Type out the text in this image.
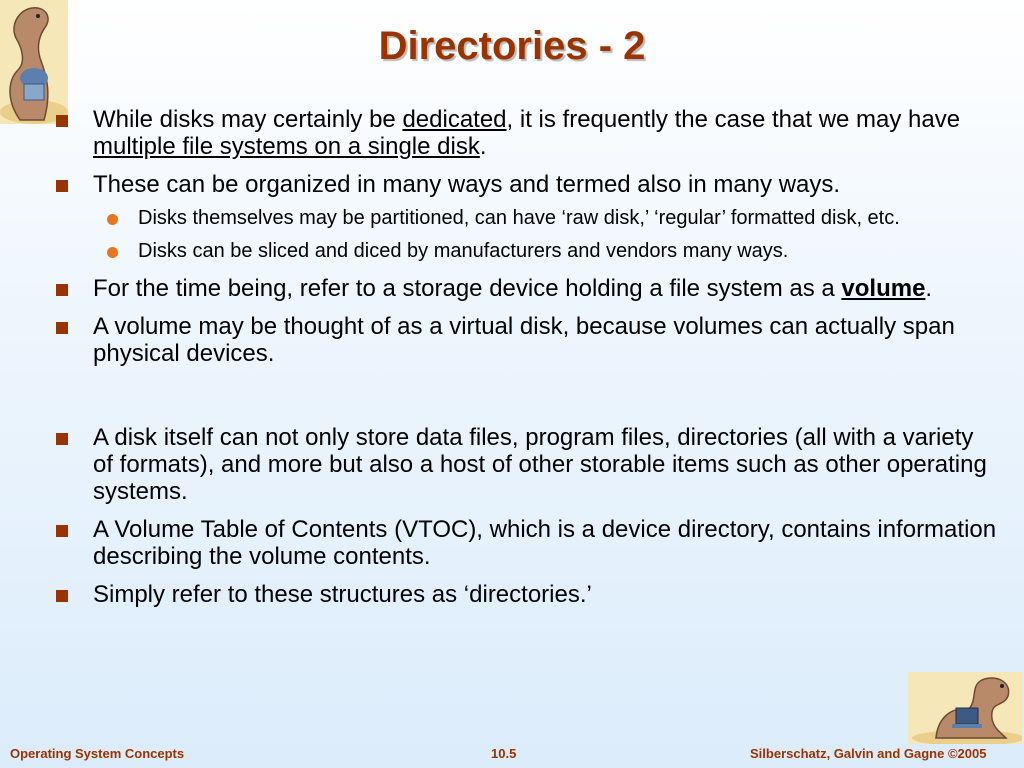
Directories - 2
While disks may certainly be dedicated, it is frequently the case that we may have multiple file systems on a single disk.
These can be organized in many ways and termed also in many ways.
Disks themselves may be partitioned, can have ‘raw disk,’ ‘regular’ formatted disk, etc.
Disks can be sliced and diced by manufacturers and vendors many ways.
For the time being, refer to a storage device holding a file system as a volume.
A volume may be thought of as a virtual disk, because volumes can actually span physical devices.
A disk itself can not only store data files, program files, directories (all with a variety of formats), and more but also a host of other storable items such as other operating systems.
A Volume Table of Contents (VTOC), which is a device directory, contains information describing the volume contents.
Simply refer to these structures as ‘directories.’
Operating System Concepts	10.5	Silberschatz, Galvin and Gagne ©2005
